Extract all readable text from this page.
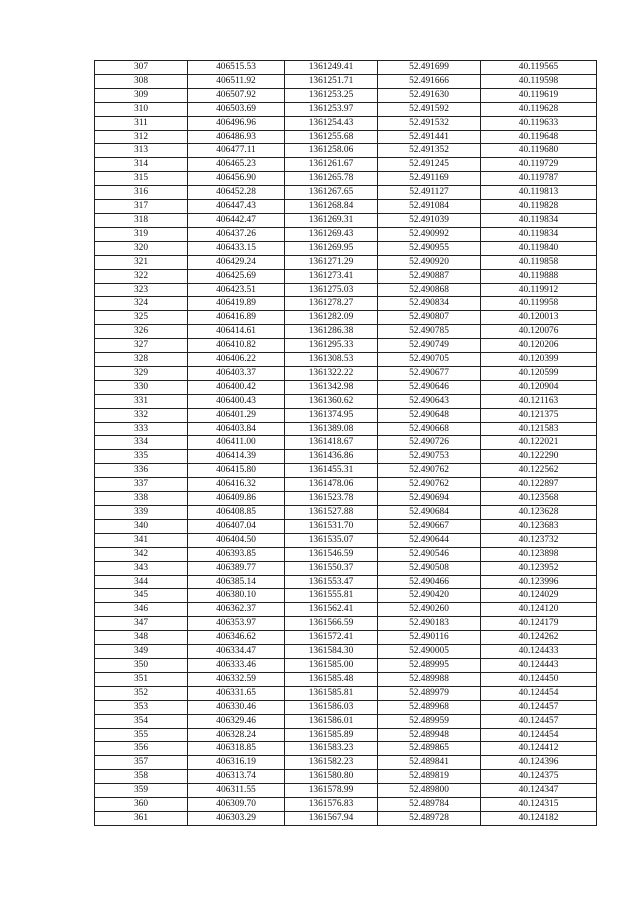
307	406515.53	1361249.41	52.491699	40.119565
308	406511.92	1361251.71	52.491666	40.119598
309	406507.92	1361253.25	52.491630	40.119619
310	406503.69	1361253.97	52.491592	40.119628
311	406496.96	1361254.43	52.491532	40.119633
312	406486.93	1361255.68	52.491441	40.119648
313	406477.11	1361258.06	52.491352	40.119680
314	406465.23	1361261.67	52.491245	40.119729
315	406456.90	1361265.78	52.491169	40.119787
316	406452.28	1361267.65	52.491127	40.119813
317	406447.43	1361268.84	52.491084	40.119828
318	406442.47	1361269.31	52.491039	40.119834
319	406437.26	1361269.43	52.490992	40.119834
320	406433.15	1361269.95	52.490955	40.119840
321	406429.24	1361271.29	52.490920	40.119858
322	406425.69	1361273.41	52.490887	40.119888
323	406423.51	1361275.03	52.490868	40.119912
324	406419.89	1361278.27	52.490834	40.119958
325	406416.89	1361282.09	52.490807	40.120013
326	406414.61	1361286.38	52.490785	40.120076
327	406410.82	1361295.33	52.490749	40.120206
328	406406.22	1361308.53	52.490705	40.120399
329	406403.37	1361322.22	52.490677	40.120599
330	406400.42	1361342.98	52.490646	40.120904
331	406400.43	1361360.62	52.490643	40.121163
332	406401.29	1361374.95	52.490648	40.121375
333	406403.84	1361389.08	52.490668	40.121583
334	406411.00	1361418.67	52.490726	40.122021
335	406414.39	1361436.86	52.490753	40.122290
336	406415.80	1361455.31	52.490762	40.122562
337	406416.32	1361478.06	52.490762	40.122897
338	406409.86	1361523.78	52.490694	40.123568
339	406408.85	1361527.88	52.490684	40.123628
340	406407.04	1361531.70	52.490667	40.123683
341	406404.50	1361535.07	52.490644	40.123732
342	406393.85	1361546.59	52.490546	40.123898
343	406389.77	1361550.37	52.490508	40.123952
344	406385.14	1361553.47	52.490466	40.123996
345	406380.10	1361555.81	52.490420	40.124029
346	406362.37	1361562.41	52.490260	40.124120
347	406353.97	1361566.59	52.490183	40.124179
348	406346.62	1361572.41	52.490116	40.124262
349	406334.47	1361584.30	52.490005	40.124433
350	406333.46	1361585.00	52.489995	40.124443
351	406332.59	1361585.48	52.489988	40.124450
352	406331.65	1361585.81	52.489979	40.124454
353	406330.46	1361586.03	52.489968	40.124457
354	406329.46	1361586.01	52.489959	40.124457
355	406328.24	1361585.89	52.489948	40.124454
356	406318.85	1361583.23	52.489865	40.124412
357	406316.19	1361582.23	52.489841	40.124396
358	406313.74	1361580.80	52.489819	40.124375
359	406311.55	1361578.99	52.489800	40.124347
360	406309.70	1361576.83	52.489784	40.124315
361	406303.29	1361567.94	52.489728	40.124182
